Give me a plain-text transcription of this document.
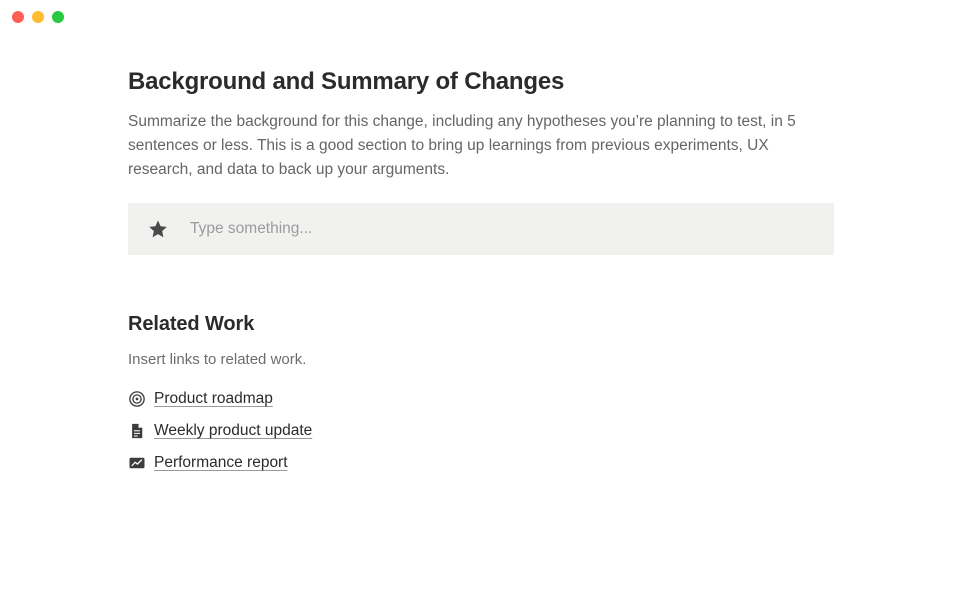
Background and Summary of Changes

Summarize the background for this change, including any hypotheses you’re planning to test, in 5 sentences or less. This is a good section to bring up learnings from previous experiments, UX research, and data to back up your arguments.

Type something...
Related Work

Insert links to related work.

Product roadmap
Weekly product update
Performance report
